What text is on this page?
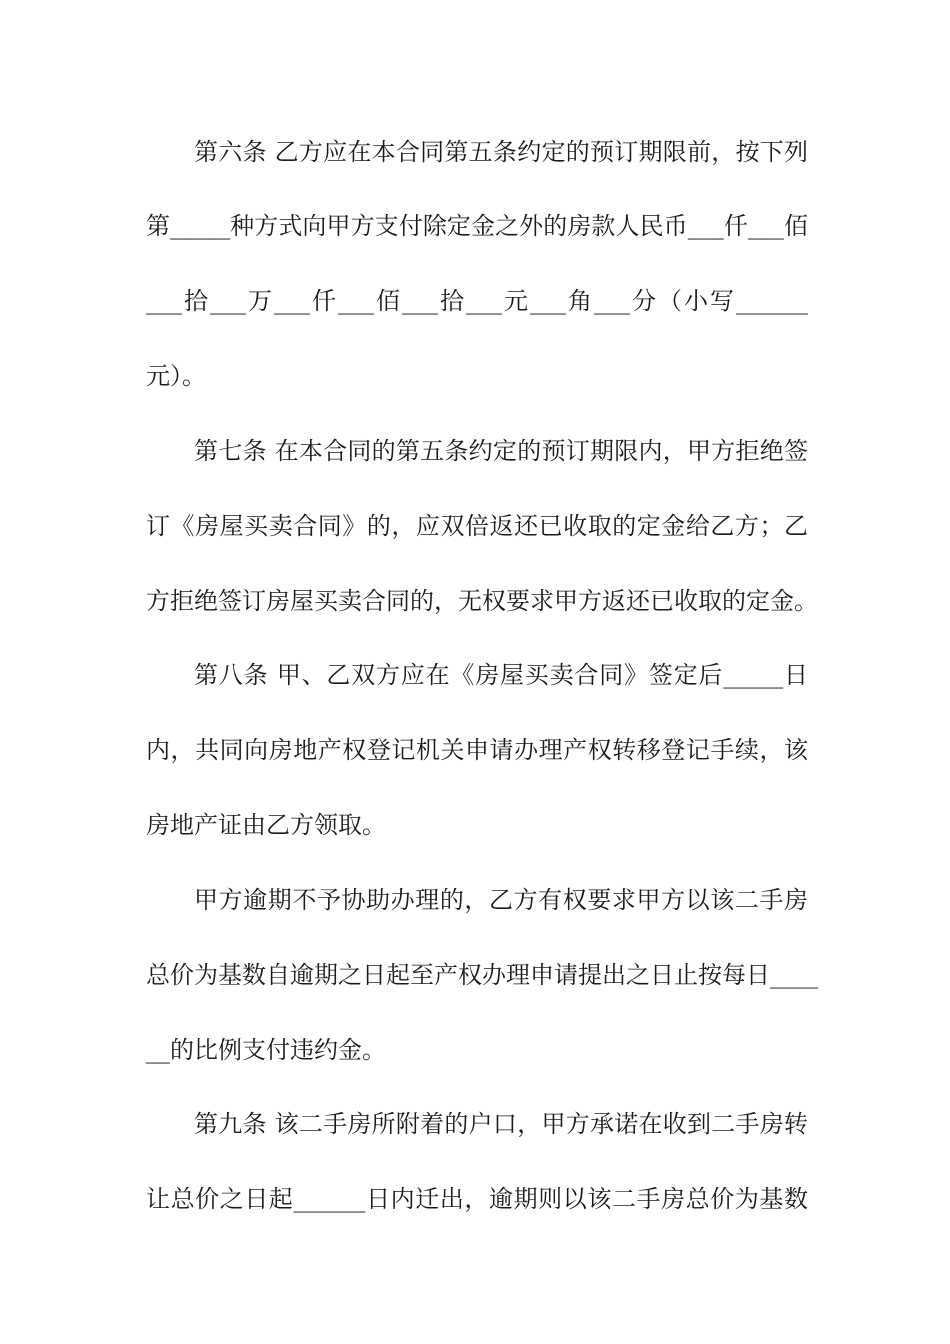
第六条 乙方应在本合同第五条约定的预订期限前，按下列
第_____种方式向甲方支付除定金之外的房款人民币___仟___佰
___拾___万___仟___佰___拾___元___角___分（小写______
元）。
第七条 在本合同的第五条约定的预订期限内，甲方拒绝签
订《房屋买卖合同》的，应双倍返还已收取的定金给乙方；乙
方拒绝签订房屋买卖合同的，无权要求甲方返还已收取的定金。
第八条 甲、乙双方应在《房屋买卖合同》签定后_____日
内，共同向房地产权登记机关申请办理产权转移登记手续，该
房地产证由乙方领取。
甲方逾期不予协助办理的，乙方有权要求甲方以该二手房
总价为基数自逾期之日起至产权办理申请提出之日止按每日____
__的比例支付违约金。
第九条 该二手房所附着的户口，甲方承诺在收到二手房转
让总价之日起______日内迁出，逾期则以该二手房总价为基数
